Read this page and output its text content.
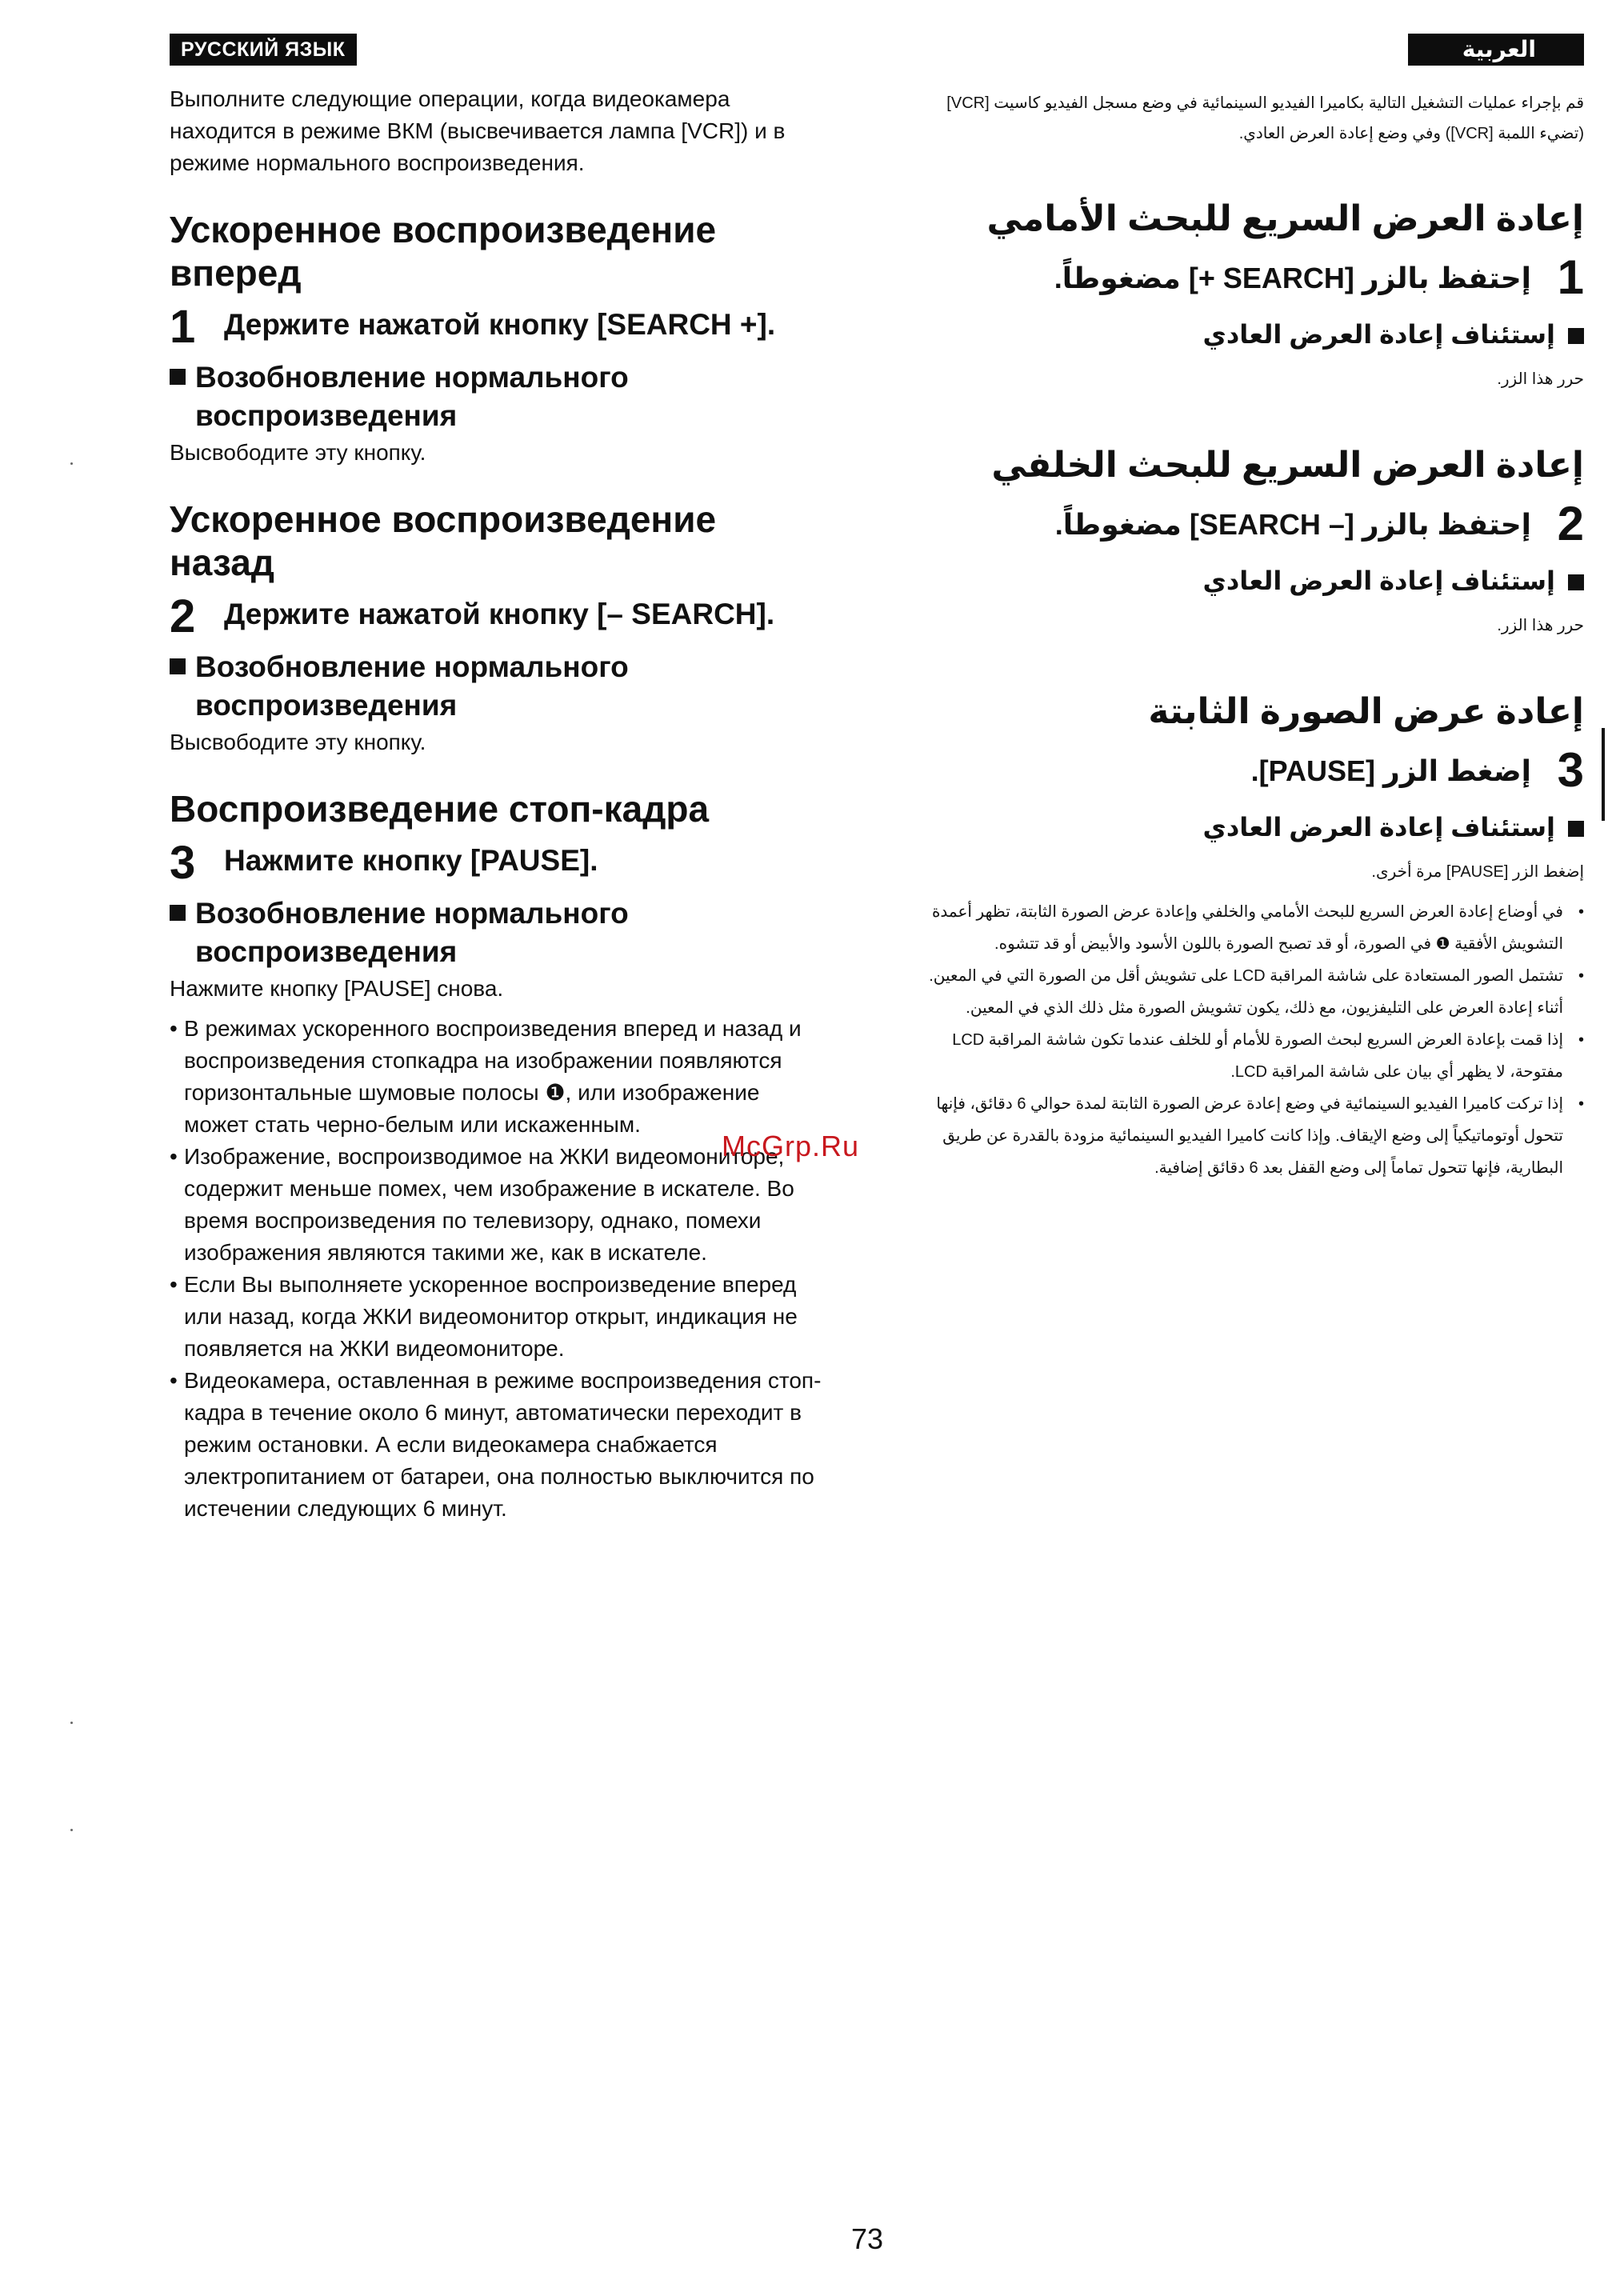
РУССКИЙ ЯЗЫК

Выполните следующие операции, когда видеокамера находится в режиме ВКМ (высвечивается лампа [VCR]) и в режиме нормального воспроизведения.

Ускоренное воспроизведение вперед
1 Держите нажатой кнопку [SEARCH +].
Возобновление нормального воспроизведения

Высвободите эту кнопку.

Ускоренное воспроизведение назад
2 Держите нажатой кнопку [– SEARCH].
Возобновление нормального воспроизведения

Высвободите эту кнопку.

Воспроизведение стоп-кадра
3 Нажмите кнопку [PAUSE].
Возобновление нормального воспроизведения

Нажмите кнопку [PAUSE] снова.

• В режимах ускоренного воспроизведения вперед и назад и воспроизведения стопкадра на изображении появляются горизонтальные шумовые полосы ❶, или изображение может стать черно-белым или искаженным.
• Изображение, воспроизводимое на ЖКИ видеомониторе, содержит меньше помех, чем изображение в искателе. Во время воспроизведения по телевизору, однако, помехи изображения являются такими же, как в искателе.
• Если Вы выполняете ускоренное воспроизведение вперед или назад, когда ЖКИ видеомонитор открыт, индикация не появляется на ЖКИ видеомониторе.
• Видеокамера, оставленная в режиме воспроизведения стоп-кадра в течение около 6 минут, автоматически переходит в режим остановки. А если видеокамера снабжается электропитанием от батареи, она полностью выключится по истечении следующих 6 минут.
العربية

قم بإجراء عمليات التشغيل التالية بكاميرا الفيديو السينمائية في وضع مسجل الفيديو كاسيت [VCR] (تضيء اللمبة [VCR]) وفي وضع إعادة العرض العادي.

إعادة العرض السريع للبحث الأمامي
1
إحتفظ بالزر [SEARCH +] مضغوطاً.
إستئناف إعادة العرض العادي

حرر هذا الزر.

إعادة العرض السريع للبحث الخلفي
2
إحتفظ بالزر [– SEARCH] مضغوطاً.
إستئناف إعادة العرض العادي

حرر هذا الزر.

إعادة عرض الصورة الثابتة
3
إضغط الزر [PAUSE].
إستئناف إعادة العرض العادي

إضغط الزر [PAUSE] مرة أخرى.

• في أوضاع إعادة العرض السريع للبحث الأمامي والخلفي وإعادة عرض الصورة الثابتة، تظهر أعمدة التشويش الأفقية ❶ في الصورة، أو قد تصبح الصورة باللون الأسود والأبيض أو قد تتشوه.
• تشتمل الصور المستعادة على شاشة المراقبة LCD على تشويش أقل من الصورة التي في المعين. أثناء إعادة العرض على التليفزيون، مع ذلك، يكون تشويش الصورة مثل ذلك الذي في المعين.
• إذا قمت بإعادة العرض السريع لبحث الصورة للأمام أو للخلف عندما تكون شاشة المراقبة LCD مفتوحة، لا يظهر أي بيان على شاشة المراقبة LCD.
• إذا تركت كاميرا الفيديو السينمائية في وضع إعادة عرض الصورة الثابتة لمدة حوالي 6 دقائق، فإنها تتحول أوتوماتيكياً إلى وضع الإيقاف. وإذا كانت كاميرا الفيديو السينمائية مزودة بالقدرة عن طريق البطارية، فإنها تتحول تماماً إلى وضع القفل بعد 6 دقائق إضافية.
McGrp.Ru
73
